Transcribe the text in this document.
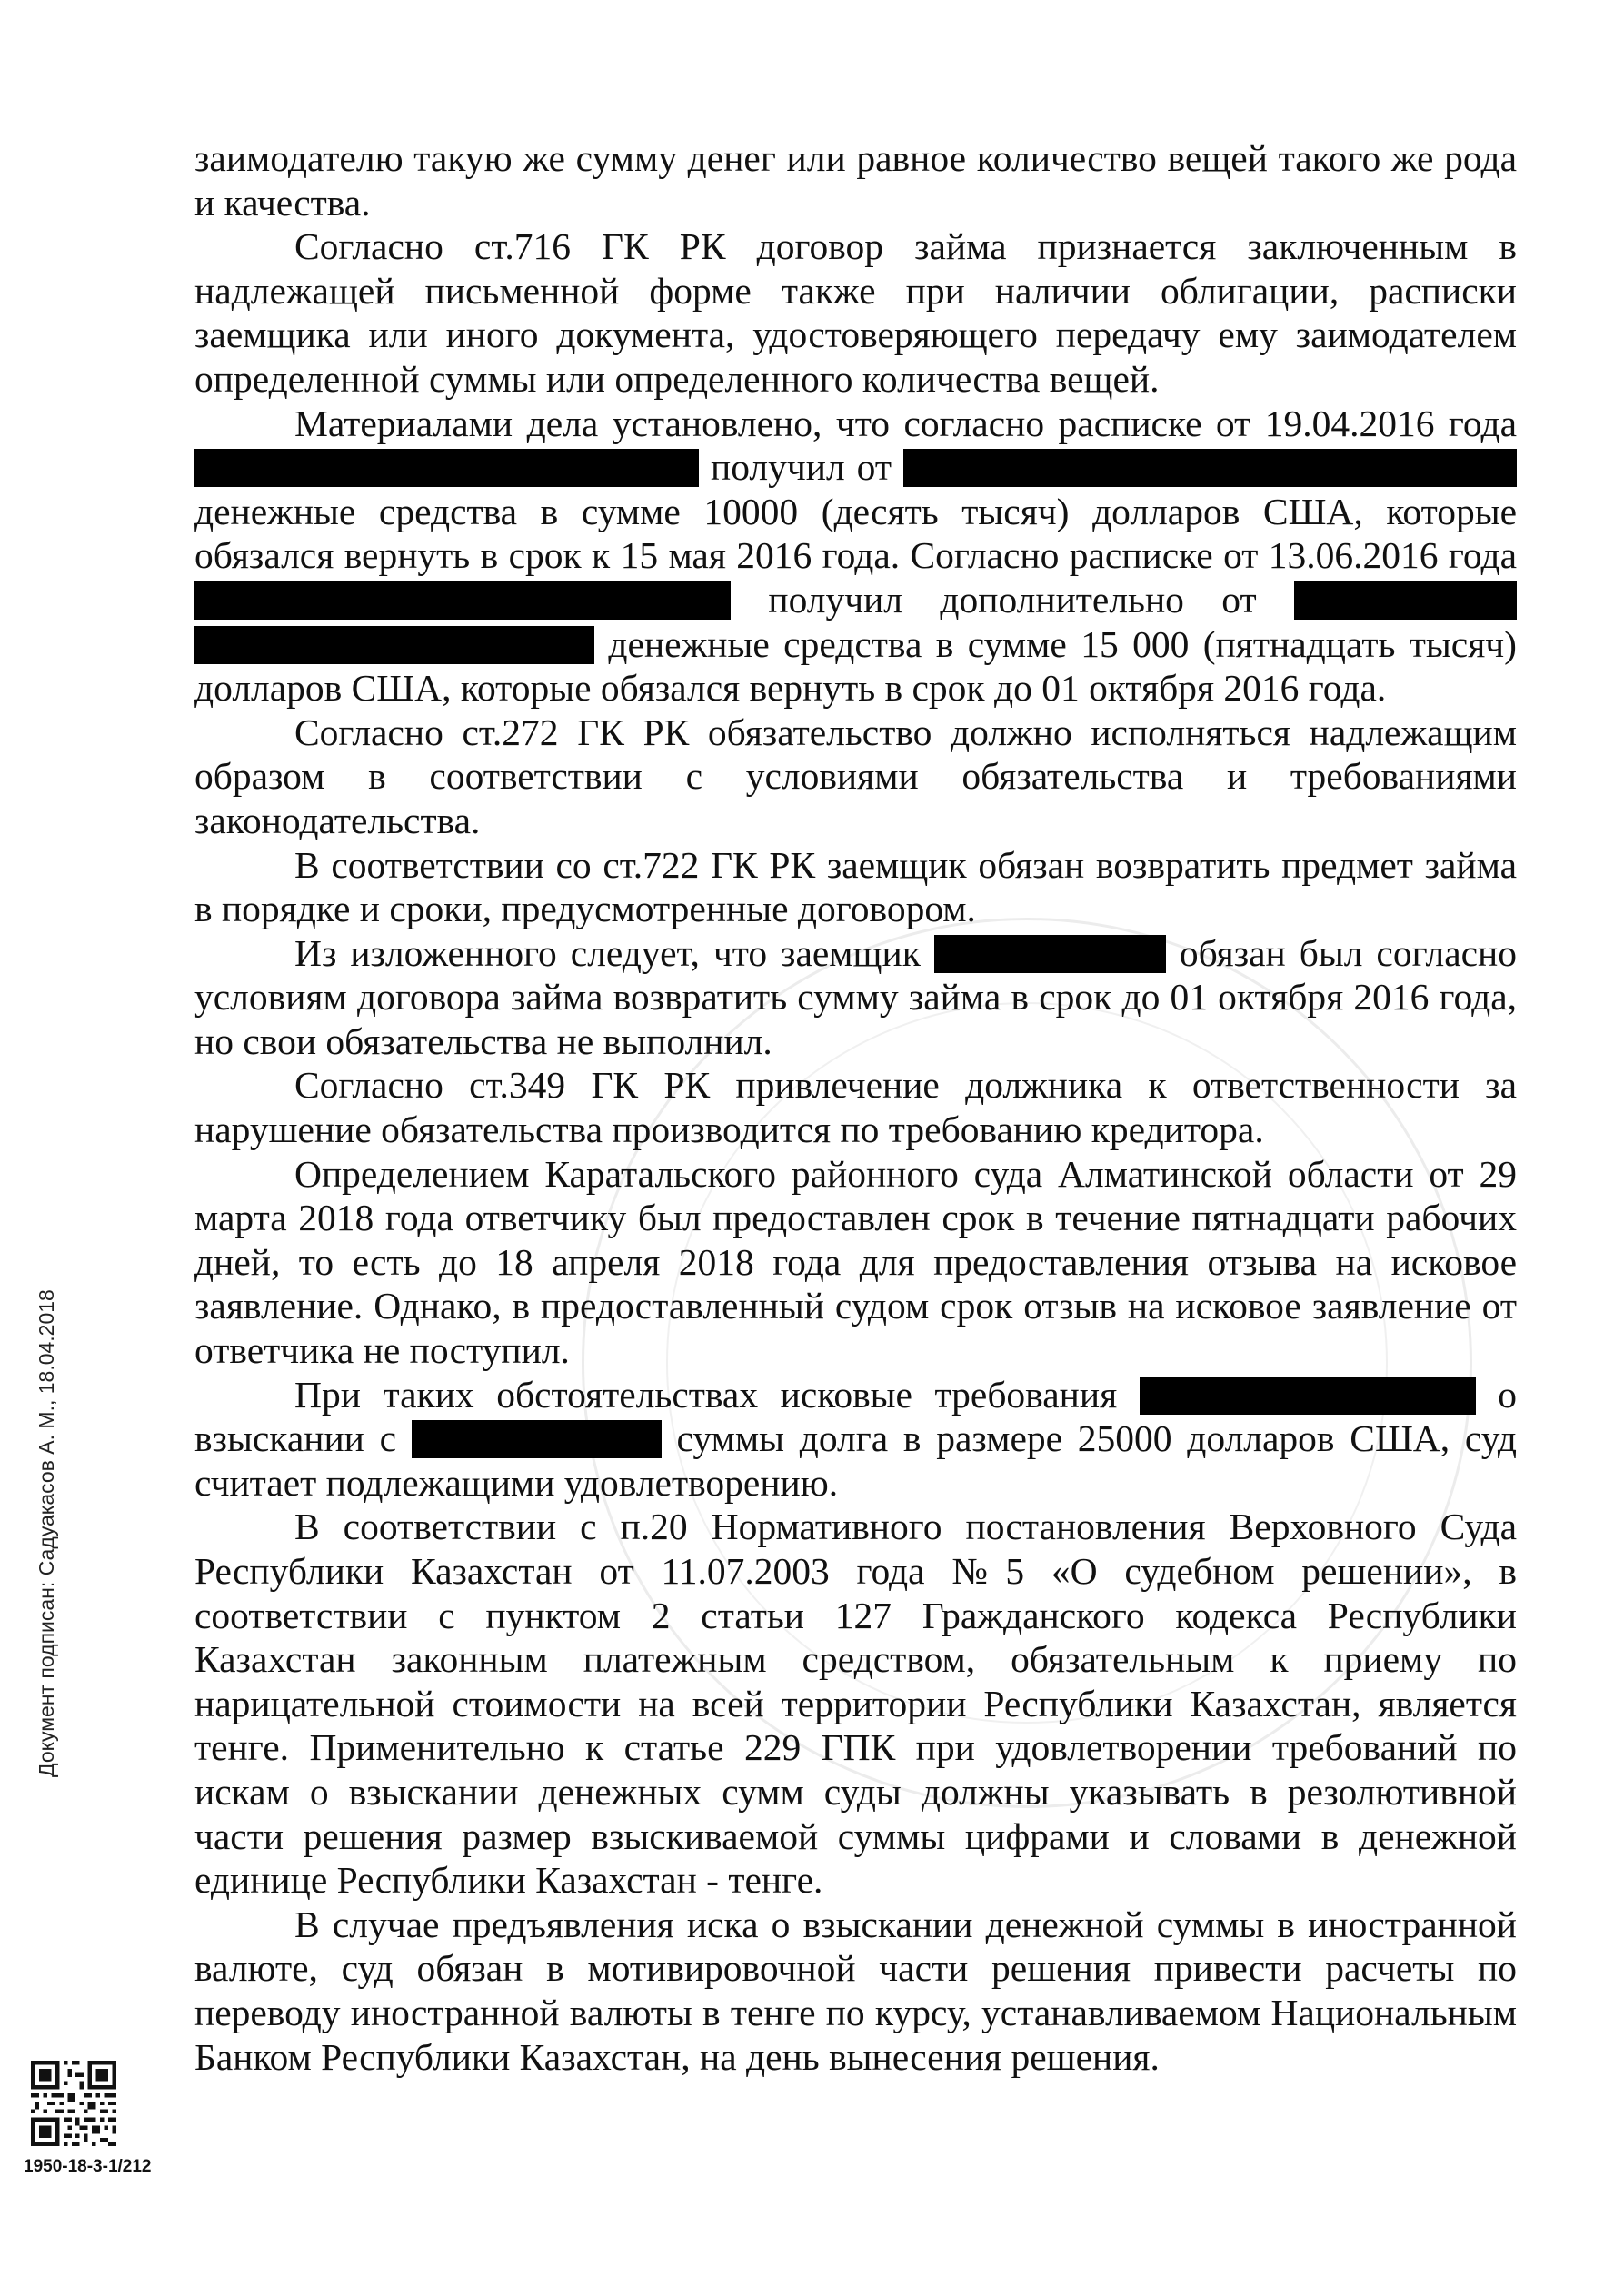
заимодателю такую же сумму денег или равное количество вещей такого же рода и качества.

Согласно ст.716 ГК РК договор займа признается заключенным в надлежащей письменной форме также при наличии облигации, расписки заемщика или иного документа, удостоверяющего передачу ему заимодателем определенной суммы или определенного количества вещей.

Материалами дела установлено, что согласно расписке от 19.04.2016 года  получил от  денежные средства в сумме 10000 (десять тысяч) долларов США, которые обязался вернуть в срок к 15 мая 2016 года. Согласно расписке от 13.06.2016 года  получил дополнительно от   денежные средства в сумме 15 000 (пятнадцать тысяч) долларов США, которые обязался вернуть в срок до 01 октября 2016 года.

Согласно ст.272 ГК РК обязательство должно исполняться надлежащим образом в соответствии с условиями обязательства и требованиями законодательства.

В соответствии со ст.722 ГК РК заемщик обязан возвратить предмет займа в порядке и сроки, предусмотренные договором.

Из изложенного следует, что заемщик	обязан был согласно условиям договора займа возвратить сумму займа в срок до 01 октября 2016 года, но свои обязательства не выполнил.

Согласно ст.349 ГК РК привлечение должника к ответственности за нарушение обязательства производится по требованию кредитора.

Определением Каратальского районного суда Алматинской области от 29 марта 2018 года ответчику был предоставлен срок в течение пятнадцати рабочих дней, то есть до 18 апреля 2018 года для предоставления отзыва на исковое заявление. Однако, в предоставленный судом срок отзыв на исковое заявление от ответчика не поступил.

При таких обстоятельствах исковые требования	о взыскании с	суммы долга в размере 25000 долларов США, суд считает подлежащими удовлетворению.

В соответствии с п.20 Нормативного постановления Верховного Суда Республики Казахстан от 11.07.2003 года №5 «О судебном решении», в соответствии с пунктом 2 статьи 127 Гражданского кодекса Республики Казахстан законным платежным средством, обязательным к приему по нарицательной стоимости на всей территории Республики Казахстан, является тенге. Применительно к статье 229 ГПК при удовлетворении требований по искам о взыскании денежных сумм суды должны указывать в резолютивной части решения размер взыскиваемой суммы цифрами и словами в денежной единице Республики Казахстан - тенге.

В случае предъявления иска о взыскании денежной суммы в иностранной валюте, суд обязан в мотивировочной части решения привести расчеты по переводу иностранной валюты в тенге по курсу, устанавливаемом Национальным Банком Республики Казахстан, на день вынесения решения.

Документ подписан: Садуакасов А. М., 18.04.2018
1950-18-3-1/212
